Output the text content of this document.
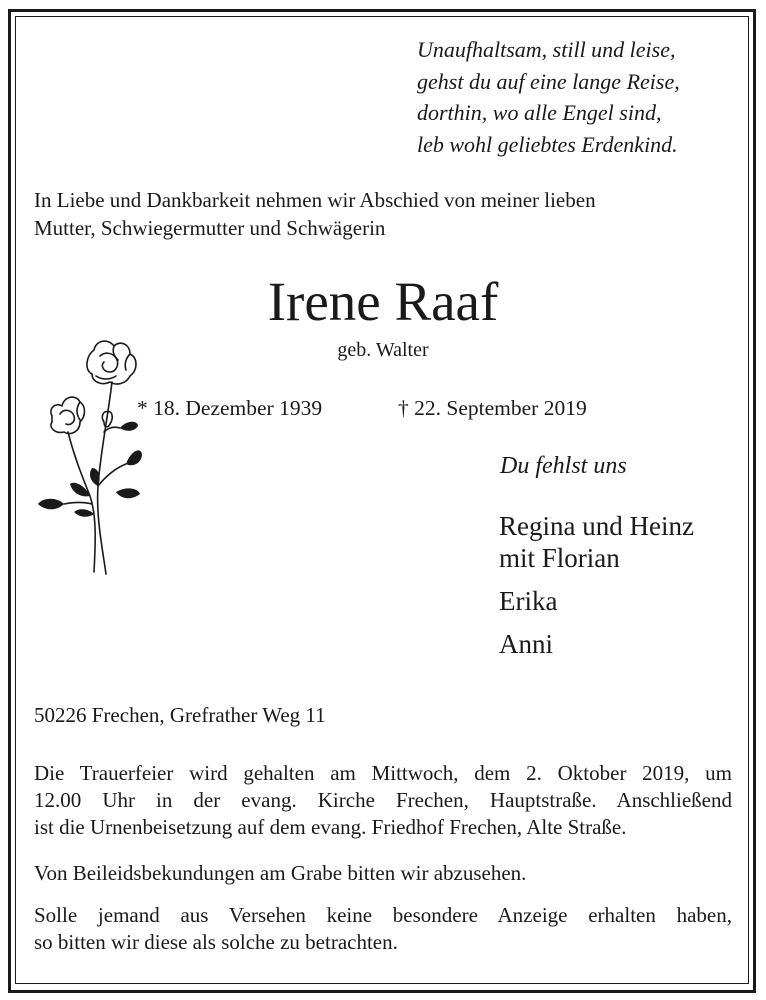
Unaufhaltsam, still und leise,
gehst du auf eine lange Reise,
dorthin, wo alle Engel sind,
leb wohl geliebtes Erdenkind.
In Liebe und Dankbarkeit nehmen wir Abschied von meiner lieben
Mutter, Schwiegermutter und Schwägerin
Irene Raaf
geb. Walter
* 18. Dezember 1939	† 22. September 2019
Du fehlst uns
Regina und Heinz
mit Florian
Erika
Anni
50226 Frechen, Grefrather Weg 11
Die Trauerfeier wird gehalten am Mittwoch, dem 2. Oktober 2019, um
12.00 Uhr in der evang. Kirche Frechen, Hauptstraße. Anschließend
ist die Urnenbeisetzung auf dem evang. Friedhof Frechen, Alte Straße.
Von Beileidsbekundungen am Grabe bitten wir abzusehen.
Solle jemand aus Versehen keine besondere Anzeige erhalten haben,
so bitten wir diese als solche zu betrachten.
